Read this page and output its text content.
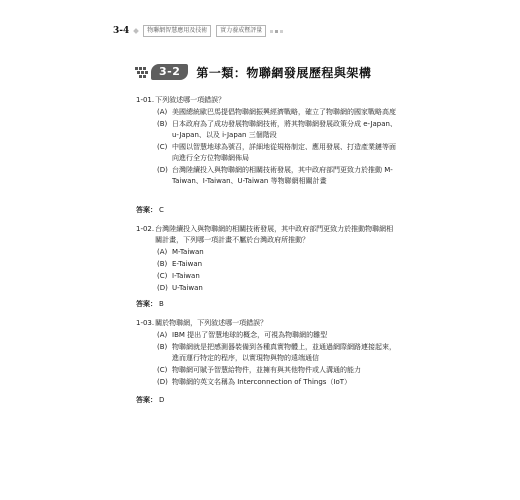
3-4	物聯網智慧應用及技術	實力養成暨評量
3-2	第一類：物聯網發展歷程與架構
1-01. 下列敘述哪一項錯誤？
(A) 美國總統歐巴馬提倡物聯網振興經濟戰略，確立了物聯網的國家戰略高度
(B) 日本政府為了成功發展物聯網技術，將其物聯網發展政策分成 e-Japan、u-Japan、以及 i-Japan 三個階段
(C) 中國以智慧地球為號召，詳細地從規格制定、應用發展、打造產業鏈等面向進行全方位物聯網佈局
(D) 台灣陸續投入與物聯網的相關技術發展，其中政府部門更致力於推動 M-Taiwan、I-Taiwan、U-Taiwan 等物聯網相關計畫
答案： C
1-02. 台灣陸續投入與物聯網的相關技術發展，其中政府部門更致力於推動物聯網相關計畫，下列哪一項計畫不屬於台灣政府所推動？
(A) M-Taiwan
(B) E-Taiwan
(C) I-Taiwan
(D) U-Taiwan
答案： B
1-03. 關於物聯網，下列敘述哪一項錯誤？
(A) IBM 提出了智慧地球的概念，可視為物聯網的雛型
(B) 物聯網就是把感測器裝備到各種真實物體上，並通過網際網路連接起來，進而運行特定的程序，以實現物與物的遠端通信
(C) 物聯網可賦予智慧給物件，並擁有與其他物件或人溝通的能力
(D) 物聯網的英文名稱為 Interconnection of Things（IoT）
答案： D
